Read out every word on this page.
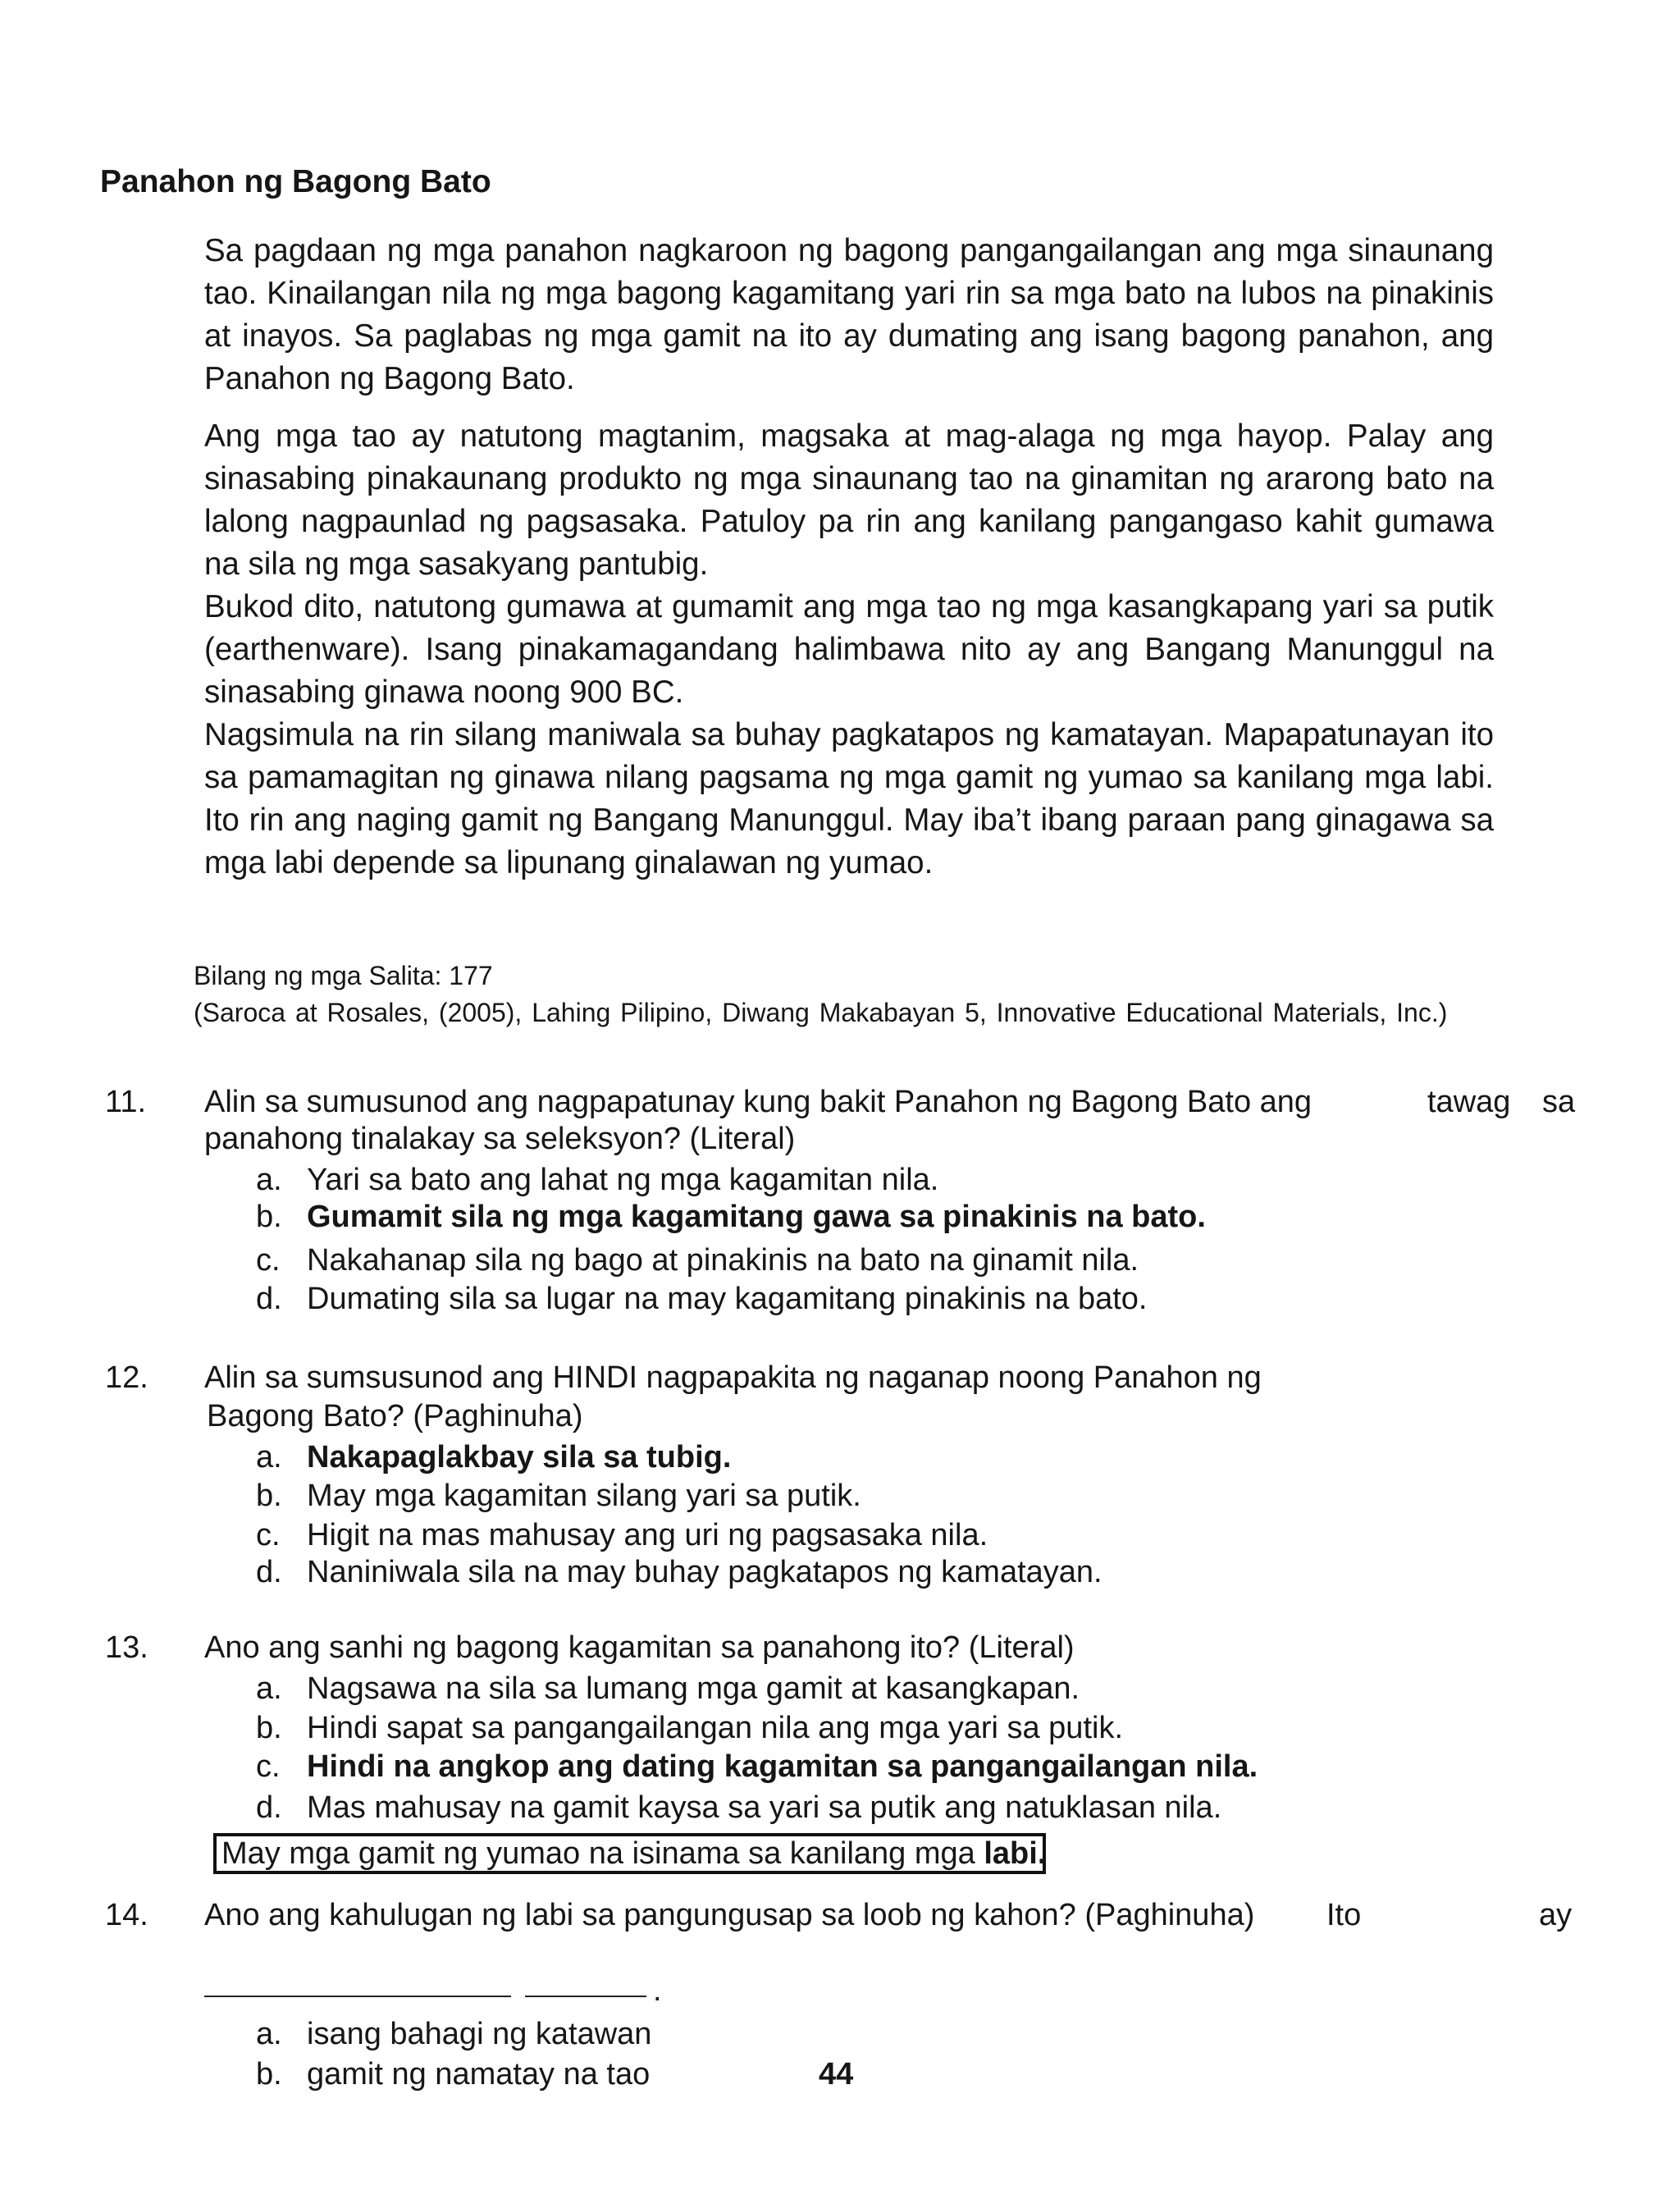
Panahon ng Bagong Bato

Sa pagdaan ng mga panahon nagkaroon ng bagong pangangailangan ang mga sinaunang tao. Kinailangan nila ng mga bagong kagamitang yari rin sa mga bato na lubos na pinakinis at inayos. Sa paglabas ng mga gamit na ito ay dumating ang isang bagong panahon, ang Panahon ng Bagong Bato.

Ang mga tao ay natutong magtanim, magsaka at mag-alaga ng mga hayop. Palay ang sinasabing pinakaunang produkto ng mga sinaunang tao na ginamitan ng ararong bato na lalong nagpaunlad ng pagsasaka. Patuloy pa rin ang kanilang pangangaso kahit gumawa na sila ng mga sasakyang pantubig.

Bukod dito, natutong gumawa at gumamit ang mga tao ng mga kasangkapang yari sa putik (earthenware). Isang pinakamagandang halimbawa nito ay ang Bangang Manunggul na sinasabing ginawa noong 900 BC.

Nagsimula na rin silang maniwala sa buhay pagkatapos ng kamatayan. Mapapatunayan ito sa pamamagitan ng ginawa nilang pagsama ng mga gamit ng yumao sa kanilang mga labi. Ito rin ang naging gamit ng Bangang Manunggul. May iba’t ibang paraan pang ginagawa sa mga labi depende sa lipunang ginalawan ng yumao.

Bilang ng mga Salita: 177
(Saroca at Rosales, (2005), Lahing Pilipino, Diwang Makabayan 5, Innovative Educational Materials, Inc.)
11. Alin sa sumusunod ang nagpapatunay kung bakit Panahon ng Bagong Bato ang	tawag sa
panahong tinalakay sa seleksyon? (Literal)
a. Yari sa bato ang lahat ng mga kagamitan nila.
b. Gumamit sila ng mga kagamitang gawa sa pinakinis na bato.
c. Nakahanap sila ng bago at pinakinis na bato na ginamit nila.
d. Dumating sila sa lugar na may kagamitang pinakinis na bato.
12. Alin sa sumsusunod ang HINDI nagpapakita ng naganap noong Panahon ng
Bagong Bato? (Paghinuha)
a. Nakapaglakbay sila sa tubig.
b. May mga kagamitan silang yari sa putik.
c. Higit na mas mahusay ang uri ng pagsasaka nila.
d. Naniniwala sila na may buhay pagkatapos ng kamatayan.
13. Ano ang sanhi ng bagong kagamitan sa panahong ito? (Literal)
a. Nagsawa na sila sa lumang mga gamit at kasangkapan.
b. Hindi sapat sa pangangailangan nila ang mga yari sa putik.
c. Hindi na angkop ang dating kagamitan sa pangangailangan nila.
d. Mas mahusay na gamit kaysa sa yari sa putik ang natuklasan nila.
May mga gamit ng yumao na isinama sa kanilang mga labi.
14. Ano ang kahulugan ng labi sa pangungusap sa loob ng kahon? (Paghinuha) Ito	ay
.
a. isang bahagi ng katawan
b. gamit ng namatay na tao	44
